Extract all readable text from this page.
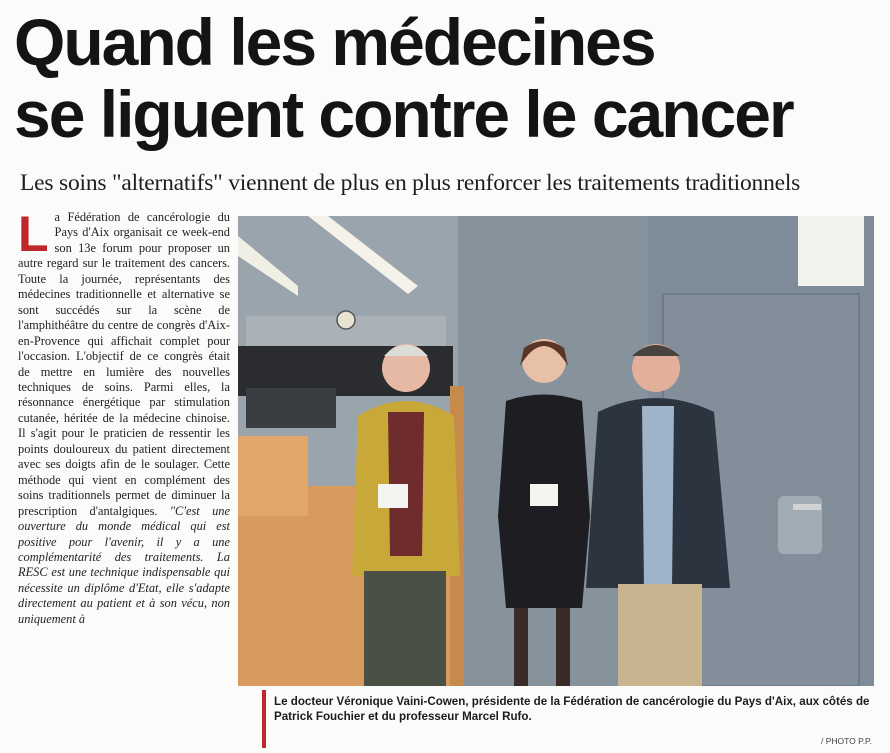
Quand les médecines
se liguent contre le cancer
Les soins "alternatifs" viennent de plus en plus renforcer les traitements traditionnels
La Fédération de cancérologie du Pays d'Aix organisait ce week-end son 13e forum pour proposer un autre regard sur le traitement des cancers. Toute la journée, représentants des médecines traditionnelle et alternative se sont succédés sur la scène de l'amphithéâtre du centre de congrès d'Aix-en-Provence qui affichait complet pour l'occasion. L'objectif de ce congrès était de mettre en lumière des nouvelles techniques de soins. Parmi elles, la résonnance énergétique par stimulation cutanée, héritée de la médecine chinoise. Il s'agit pour le praticien de ressentir les points douloureux du patient directement avec ses doigts afin de le soulager. Cette méthode qui vient en complément des soins traditionnels permet de diminuer la prescription d'antalgiques. "C'est une ouverture du monde médical qui est positive pour l'avenir, il y a une complémentarité des traitements. La RESC est une technique indispensable qui nécessite un diplôme d'Etat, elle s'adapte directement au patient et à son vécu, non uniquement à
Le docteur Véronique Vaini-Cowen, présidente de la Fédération de cancérologie du Pays d'Aix, aux côtés de Patrick Fouchier et du professeur Marcel Rufo.
/ PHOTO P.P.
